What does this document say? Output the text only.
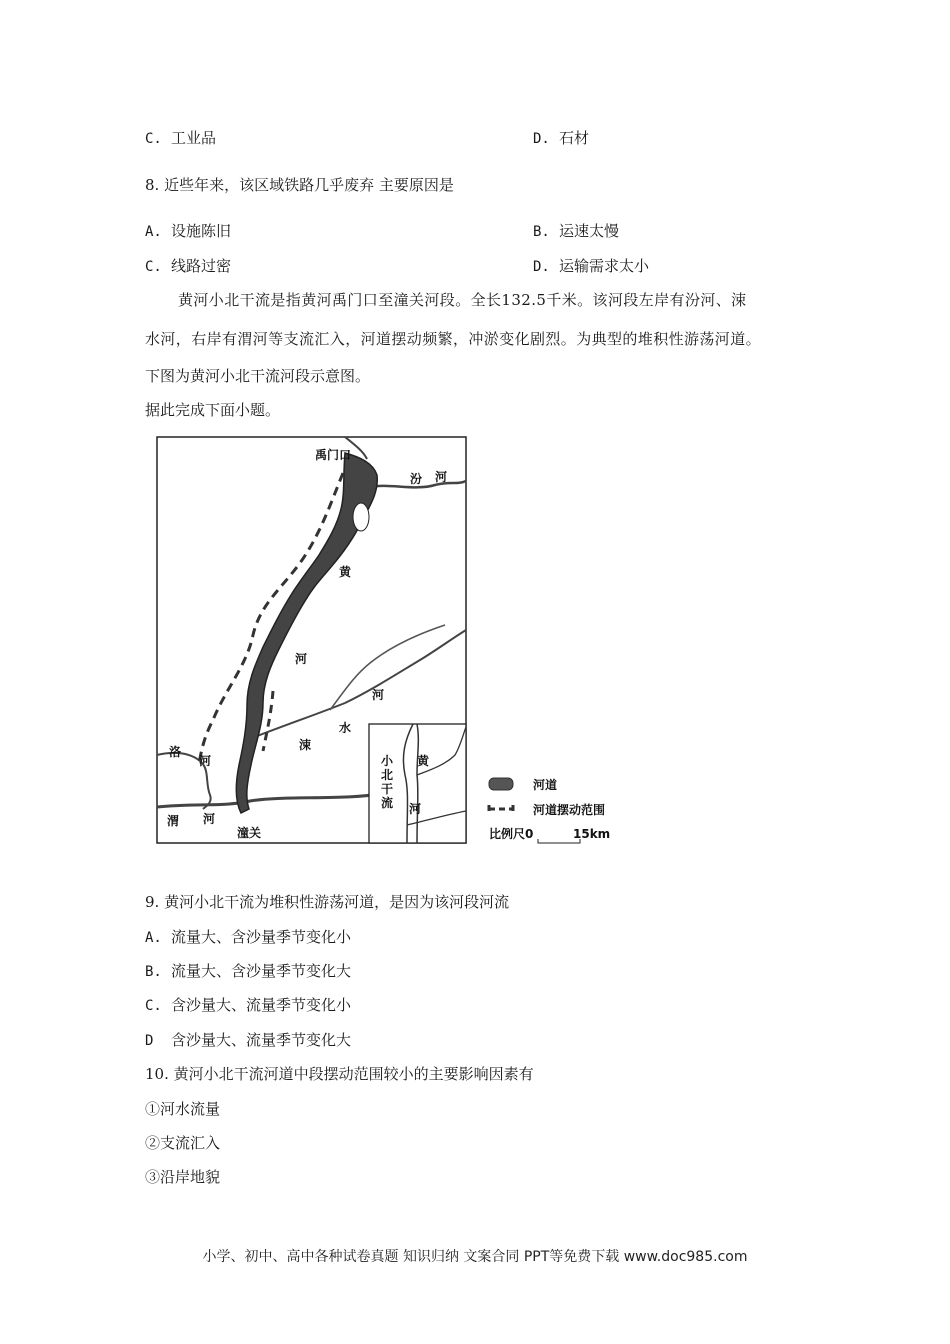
C. 工业品	D. 石材
8. 近些年来，该区域铁路几乎废弃 主要原因是
A. 设施陈旧	B. 运速太慢
C. 线路过密	D. 运输需求太小
黄河小北干流是指黄河禹门口至潼关河段。全长132.5千米。该河段左岸有汾河、涑
水河，右岸有渭河等支流汇入，河道摆动频繁，冲淤变化剧烈。为典型的堆积性游荡河道。
下图为黄河小北干流河段示意图。
据此完成下面小题。
禹门口
汾 河
黄
河
河
水
涑
洛
河
渭 河
潼关
黄
河
小
北
干
流
河道
河道摆动范围
比例尺0	15km
9. 黄河小北干流为堆积性游荡河道，是因为该河段河流
A. 流量大、含沙量季节变化小
B. 流量大、含沙量季节变化大
C. 含沙量大、流量季节变化小
D 含沙量大、流量季节变化大
10. 黄河小北干流河道中段摆动范围较小的主要影响因素有
①河水流量
②支流汇入
③沿岸地貌
小学、初中、高中各种试卷真题 知识归纳 文案合同 PPT等免费下载 www.doc985.com
